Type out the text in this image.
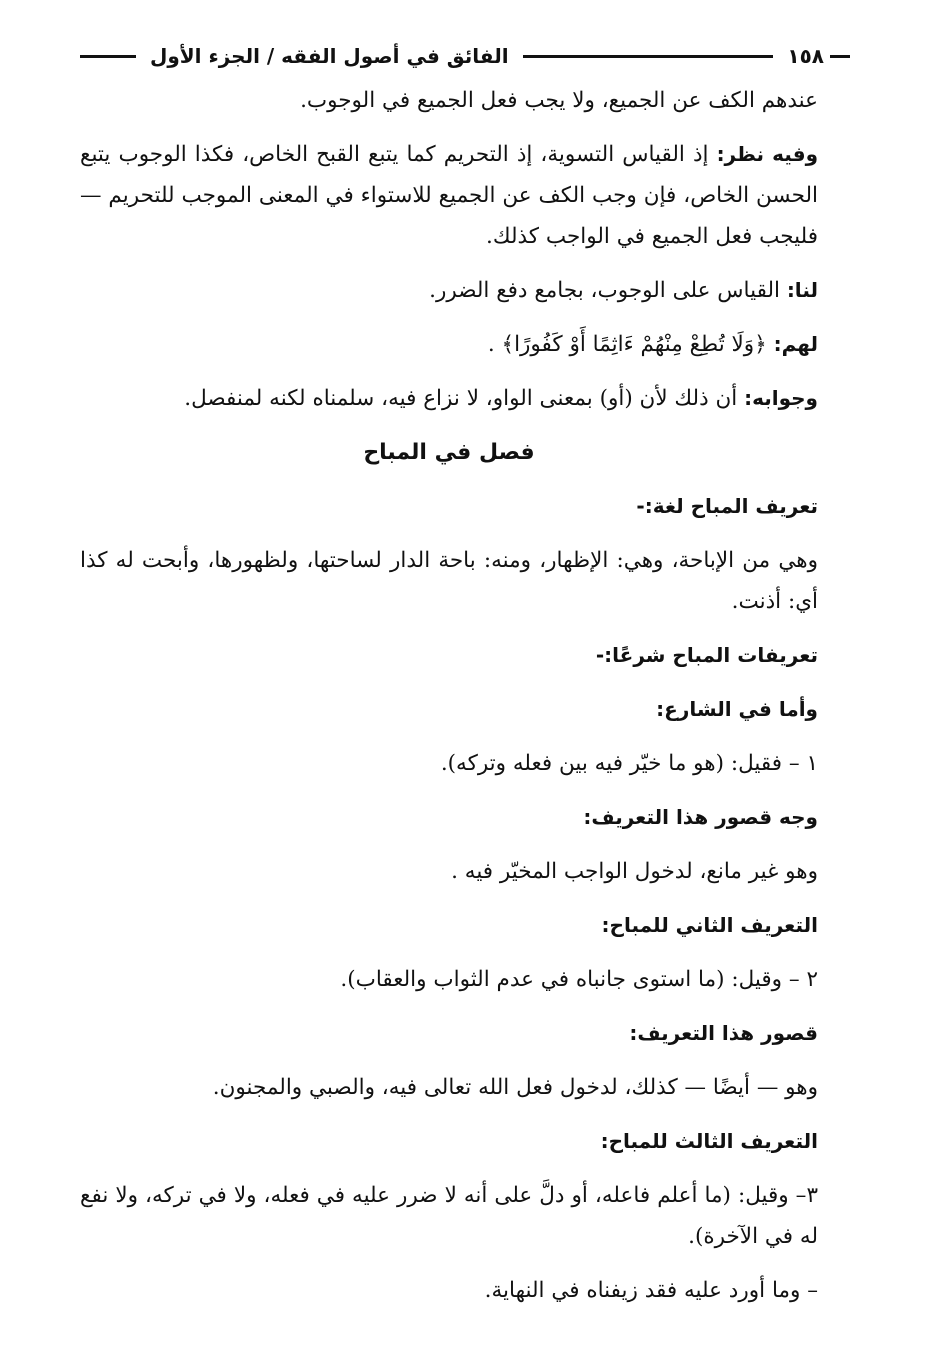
١٥٨
الفائق في أصول الفقه / الجزء الأول

عندهم الكف عن الجميع، ولا يجب فعل الجميع في الوجوب.

وفيه نظر: إذ القياس التسوية، إذ التحريم كما يتبع القبح الخاص، فكذا الوجوب يتبع الحسن الخاص، فإن وجب الكف عن الجميع للاستواء في المعنى الموجب للتحريم — فليجب فعل الجميع في الواجب كذلك.

لنا: القياس على الوجوب، بجامع دفع الضرر.

لهم: ﴿وَلَا تُطِعْ مِنْهُمْ ءَاثِمًا أَوْ كَفُورًا﴾ .

وجوابه: أن ذلك لأن (أو) بمعنى الواو، لا نزاع فيه، سلمناه لكنه لمنفصل.

فصل في المباح
تعريف المباح لغة:-

وهي من الإباحة، وهي: الإظهار، ومنه: باحة الدار لساحتها، ولظهورها، وأبحت له كذا أي: أذنت.

تعريفات المباح شرعًا:-
وأما في الشارع:

١ – فقيل: (هو ما خيّر فيه بين فعله وتركه).

وجه قصور هذا التعريف:

وهو غير مانع، لدخول الواجب المخيّر فيه .

التعريف الثاني للمباح:

٢ – وقيل: (ما استوى جانباه في عدم الثواب والعقاب).

قصور هذا التعريف:

وهو — أيضًا — كذلك، لدخول فعل الله تعالى فيه، والصبي والمجنون.

التعريف الثالث للمباح:

٣– وقيل: (ما أعلم فاعله، أو دلَّ على أنه لا ضرر عليه في فعله، ولا في تركه، ولا نفع له في الآخرة).

– وما أورد عليه فقد زيفناه في النهاية.
